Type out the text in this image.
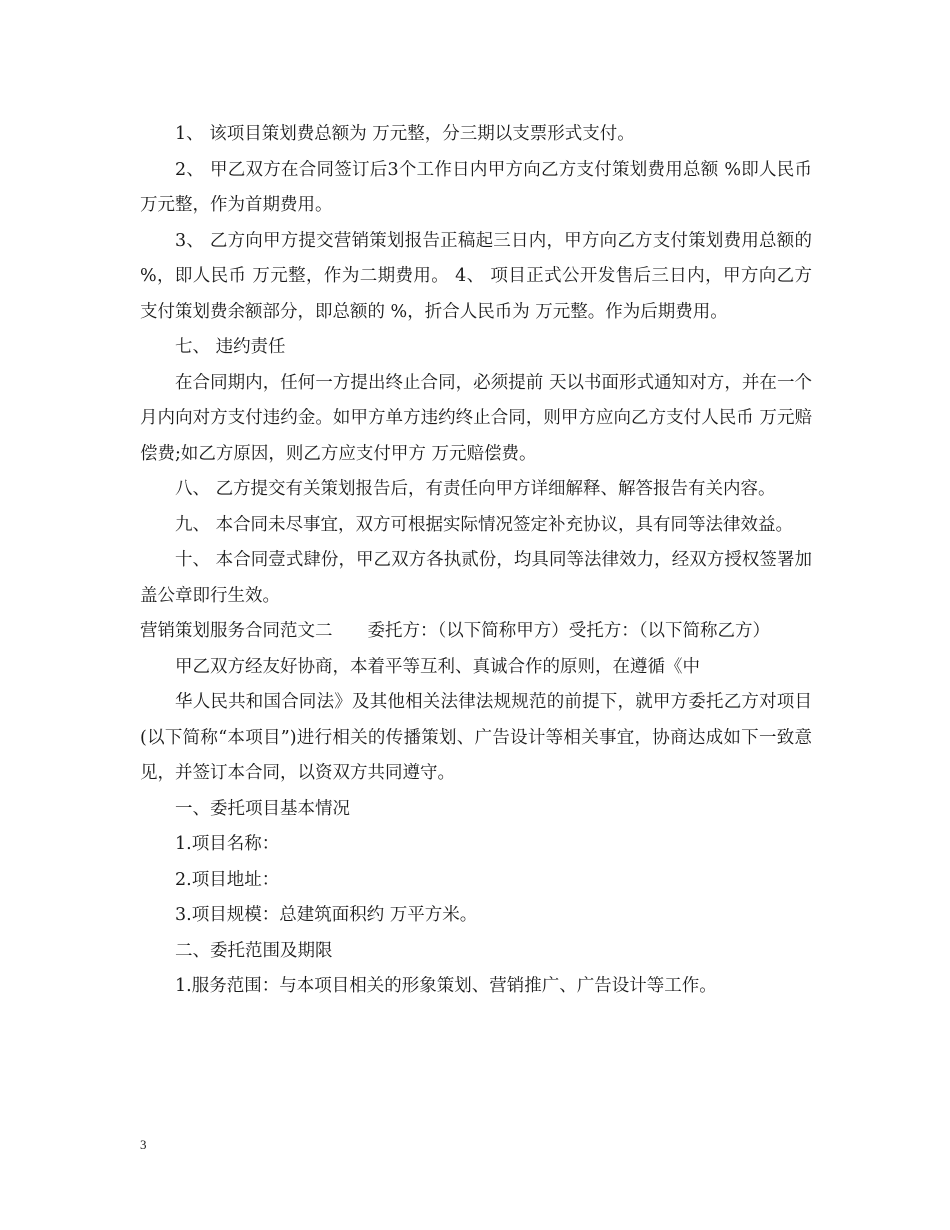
1、 该项目策划费总额为 万元整，分三期以支票形式支付。

2、 甲乙双方在合同签订后3个工作日内甲方向乙方支付策划费用总额 %即人民币 万元整，作为首期费用。

3、 乙方向甲方提交营销策划报告正稿起三日内，甲方向乙方支付策划费用总额的 %，即人民币 万元整，作为二期费用。 4、 项目正式公开发售后三日内，甲方向乙方支付策划费余额部分，即总额的 %，折合人民币为 万元整。作为后期费用。

七、 违约责任

在合同期内，任何一方提出终止合同，必须提前 天以书面形式通知对方，并在一个月内向对方支付违约金。如甲方单方违约终止合同，则甲方应向乙方支付人民币 万元赔偿费;如乙方原因，则乙方应支付甲方 万元赔偿费。

八、 乙方提交有关策划报告后，有责任向甲方详细解释、解答报告有关内容。

九、 本合同未尽事宜，双方可根据实际情况签定补充协议，具有同等法律效益。

十、 本合同壹式肆份，甲乙双方各执贰份，均具同等法律效力，经双方授权签署加盖公章即行生效。

营销策划服务合同范文二　　委托方：（以下简称甲方）受托方：（以下简称乙方）

甲乙双方经友好协商，本着平等互利、真诚合作的原则，在遵循《中

华人民共和国合同法》及其他相关法律法规规范的前提下，就甲方委托乙方对项目(以下简称“本项目”)进行相关的传播策划、广告设计等相关事宜，协商达成如下一致意见，并签订本合同，以资双方共同遵守。

一、委托项目基本情况

1.项目名称：

2.项目地址：

3.项目规模：总建筑面积约 万平方米。

二、委托范围及期限

1.服务范围：与本项目相关的形象策划、营销推广、广告设计等工作。

3
